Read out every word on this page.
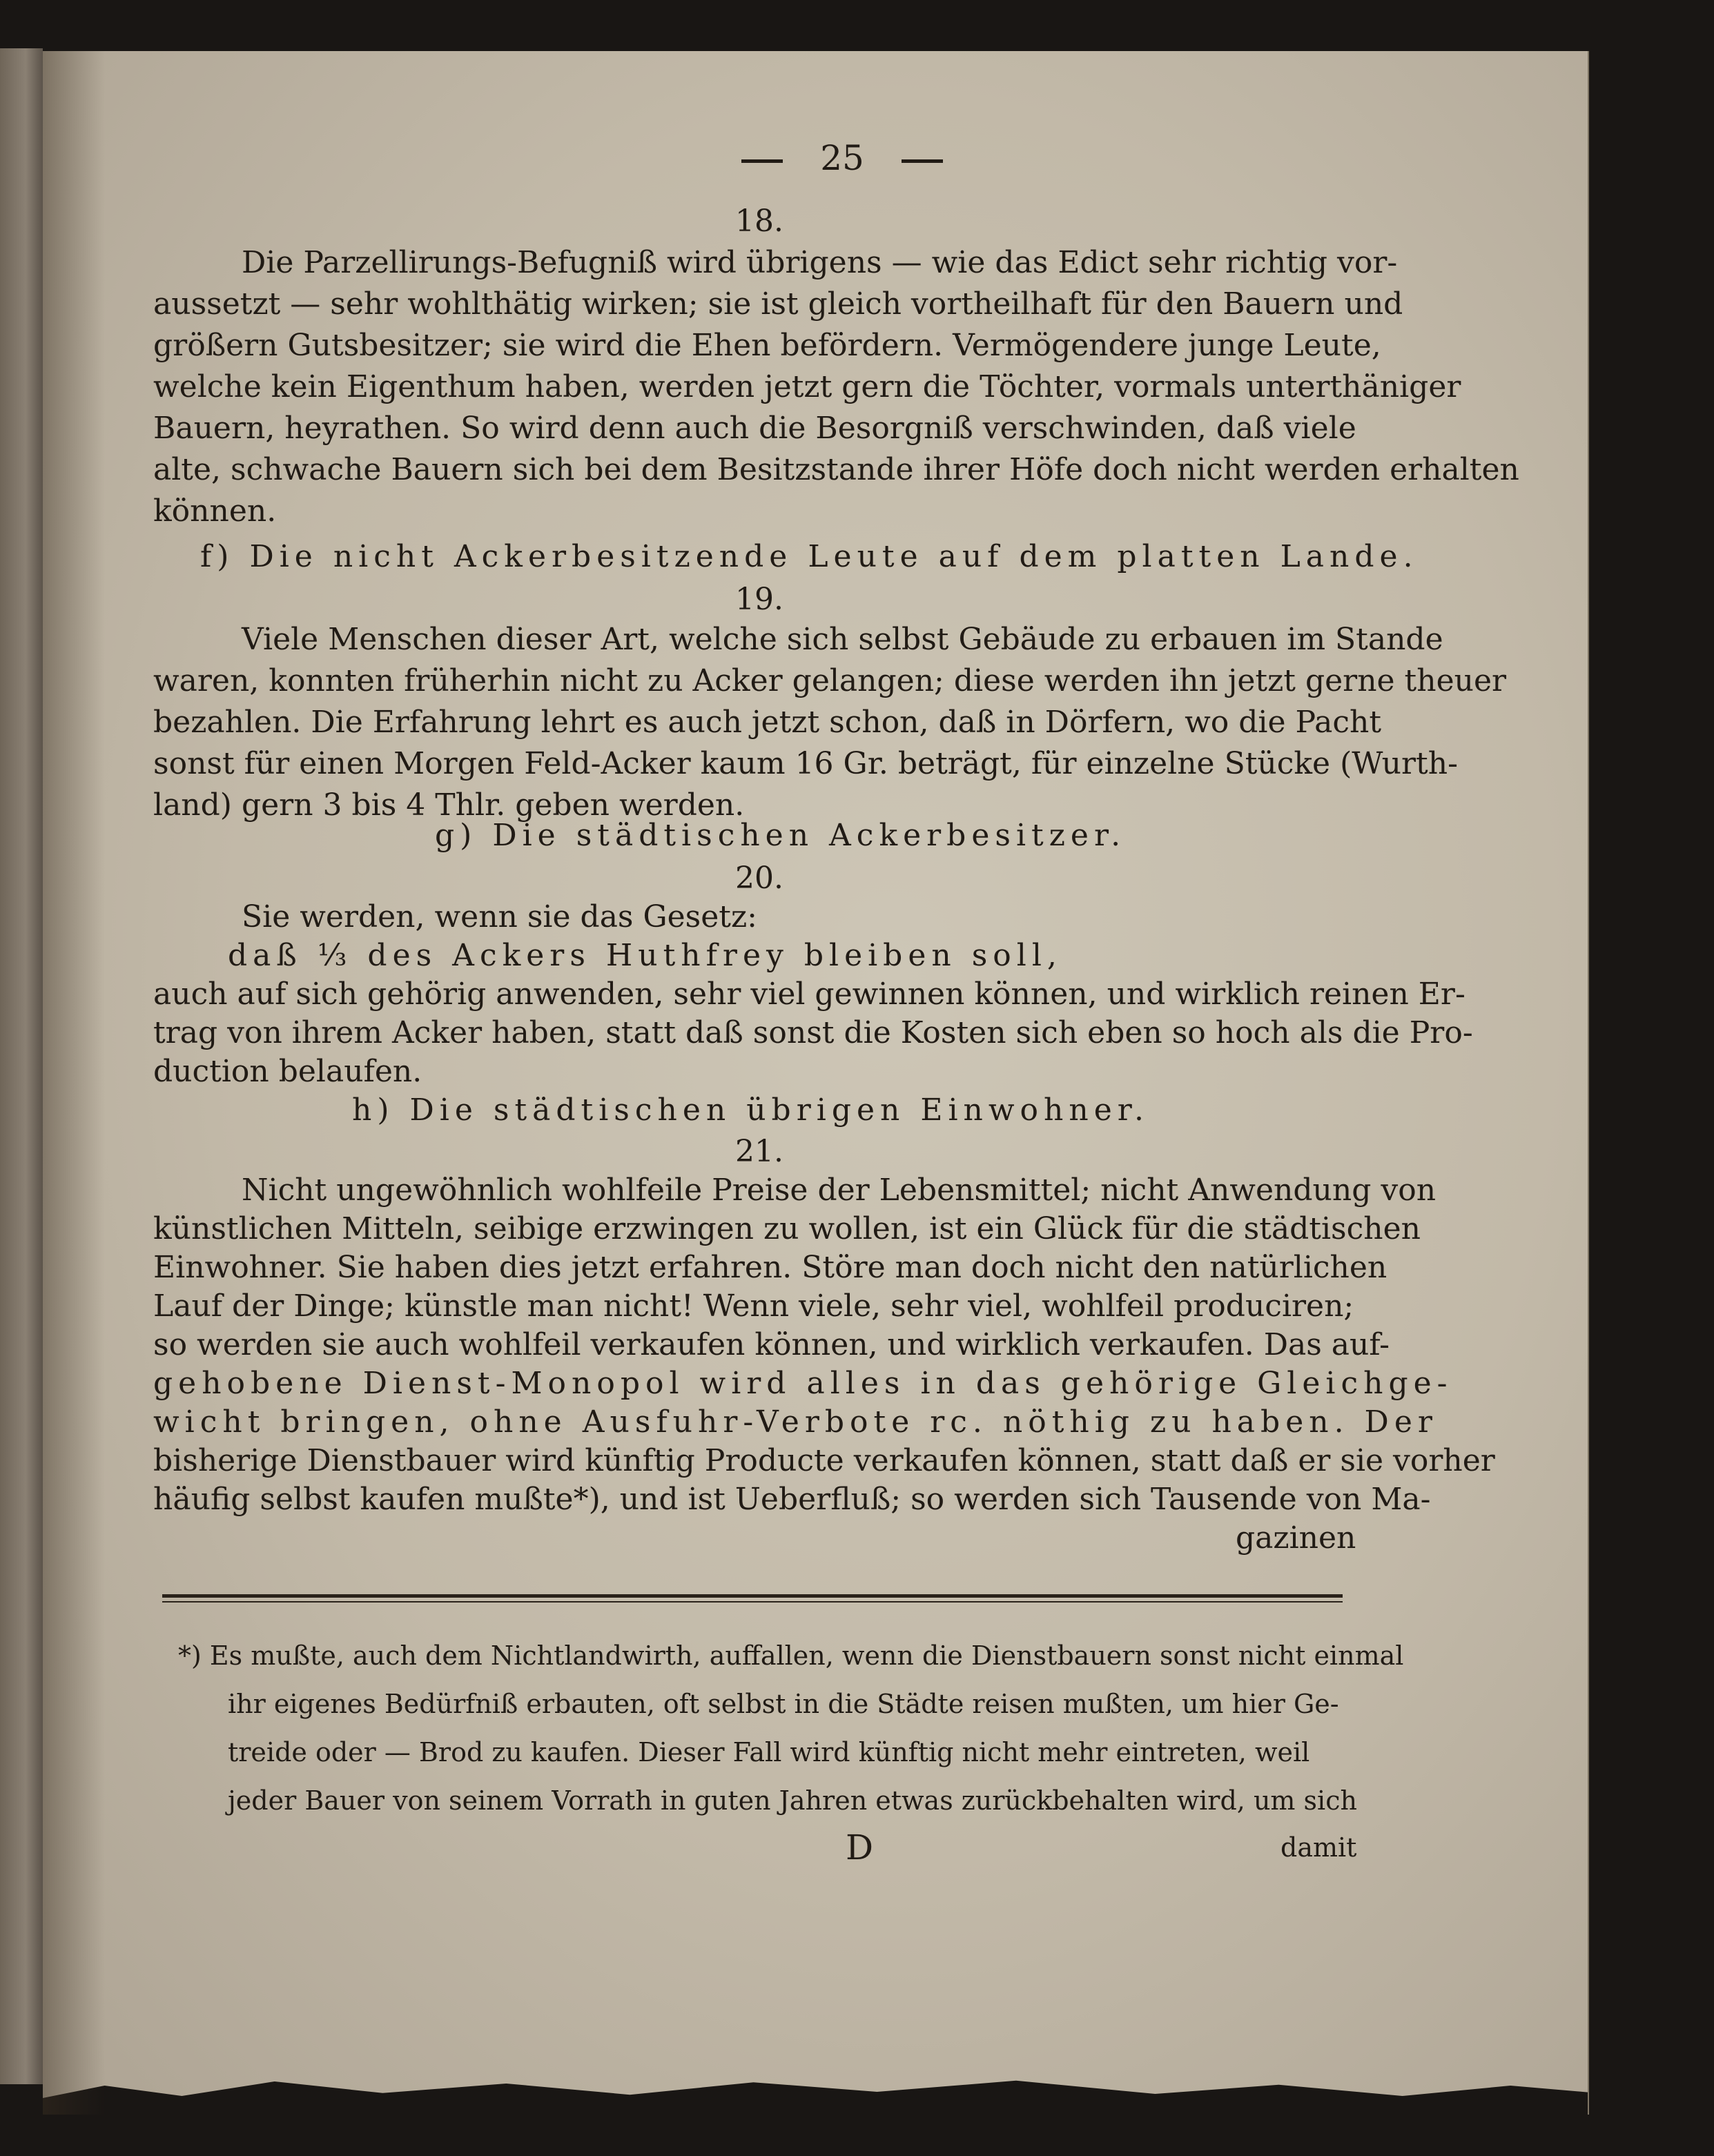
25
18.
Die Parzellirungs-Befugniß wird übrigens — wie das Edict sehr richtig vor-
aussetzt — sehr wohlthätig wirken; sie ist gleich vortheilhaft für den Bauern und
größern Gutsbesitzer; sie wird die Ehen befördern. Vermögendere junge Leute,
welche kein Eigenthum haben, werden jetzt gern die Töchter, vormals unterthäniger
Bauern, heyrathen. So wird denn auch die Besorgniß verschwinden, daß viele
alte, schwache Bauern sich bei dem Besitzstande ihrer Höfe doch nicht werden erhalten
können.
f) Die nicht Ackerbesitzende Leute auf dem platten Lande.
19.
Viele Menschen dieser Art, welche sich selbst Gebäude zu erbauen im Stande
waren, konnten früherhin nicht zu Acker gelangen; diese werden ihn jetzt gerne theuer
bezahlen. Die Erfahrung lehrt es auch jetzt schon, daß in Dörfern, wo die Pacht
sonst für einen Morgen Feld-Acker kaum 16 Gr. beträgt, für einzelne Stücke (Wurth-
land) gern 3 bis 4 Thlr. geben werden.
g) Die städtischen Ackerbesitzer.
20.
Sie werden, wenn sie das Gesetz:
daß ⅓ des Ackers Huthfrey bleiben soll,
auch auf sich gehörig anwenden, sehr viel gewinnen können, und wirklich reinen Er-
trag von ihrem Acker haben, statt daß sonst die Kosten sich eben so hoch als die Pro-
duction belaufen.
h) Die städtischen übrigen Einwohner.
21.
Nicht ungewöhnlich wohlfeile Preise der Lebensmittel; nicht Anwendung von
künstlichen Mitteln, seibige erzwingen zu wollen, ist ein Glück für die städtischen
Einwohner. Sie haben dies jetzt erfahren. Störe man doch nicht den natürlichen
Lauf der Dinge; künstle man nicht! Wenn viele, sehr viel, wohlfeil produciren;
so werden sie auch wohlfeil verkaufen können, und wirklich verkaufen. Das auf-
gehobene Dienst-Monopol wird alles in das gehörige Gleichge-
wicht bringen, ohne Ausfuhr-Verbote rc. nöthig zu haben. Der
bisherige Dienstbauer wird künftig Producte verkaufen können, statt daß er sie vorher
häufig selbst kaufen mußte*), und ist Ueberfluß; so werden sich Tausende von Ma-
gazinen
*) Es mußte, auch dem Nichtlandwirth, auffallen, wenn die Dienstbauern sonst nicht einmal
ihr eigenes Bedürfniß erbauten, oft selbst in die Städte reisen mußten, um hier Ge-
treide oder — Brod zu kaufen. Dieser Fall wird künftig nicht mehr eintreten, weil
jeder Bauer von seinem Vorrath in guten Jahren etwas zurückbehalten wird, um sich
D	damit
